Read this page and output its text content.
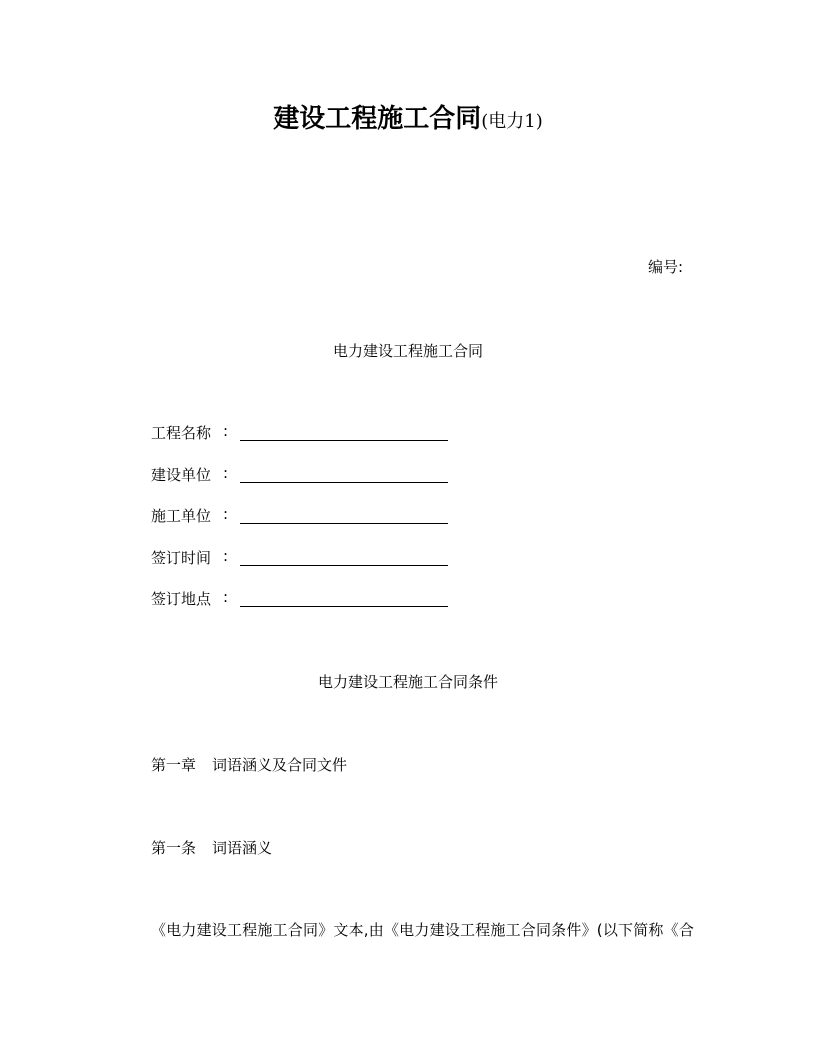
建设工程施工合同(电力1)
编号:
电力建设工程施工合同
工程名称 :
建设单位 :
施工单位 :
签订时间 :
签订地点 :
电力建设工程施工合同条件
第一章 词语涵义及合同文件
第一条 词语涵义
《电力建设工程施工合同》文本,由《电力建设工程施工合同条件》(以下简称《合
